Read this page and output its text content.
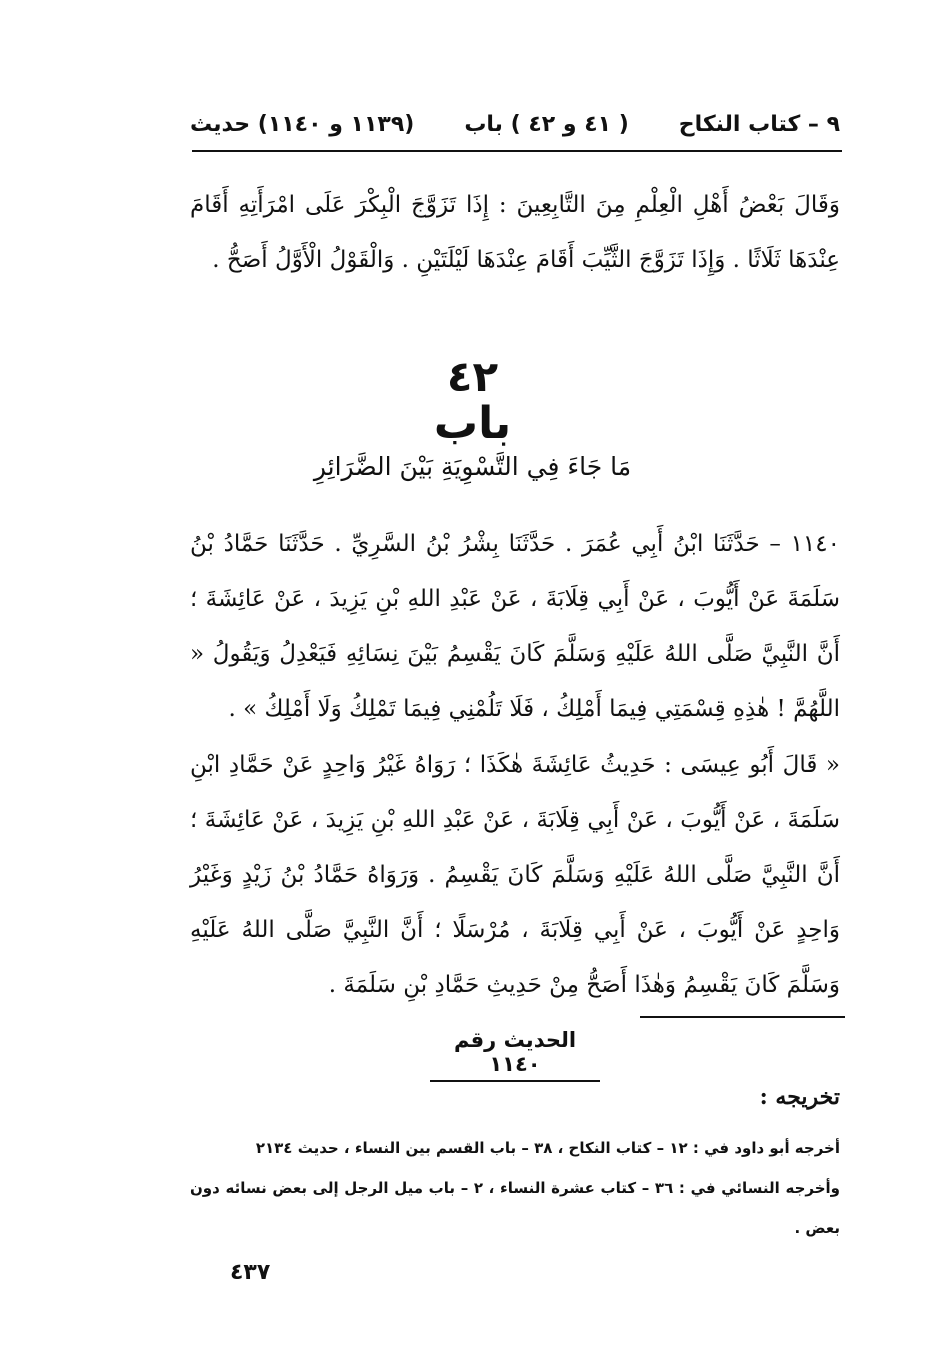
٩ – كتاب النكاح
( ٤١ و ٤٢ ) باب
(١١٣٩ و ١١٤٠) حديث
وَقَالَ بَعْضُ أَهْلِ الْعِلْمِ مِنَ التَّابِعِينَ : إِذَا تَزَوَّجَ الْبِكْرَ عَلَى امْرَأَتِهِ أَقَامَ عِنْدَهَا ثَلَاثًا . وَإِذَا تَزَوَّجَ الثَّيِّبَ أَقَامَ عِنْدَهَا لَيْلَتَيْنِ . وَالْقَوْلُ الْأَوَّلُ أَصَحُّ .
٤٢
باب
مَا جَاءَ فِي التَّسْوِيَةِ بَيْنَ الضَّرَائِرِ
١١٤٠ – حَدَّثَنَا ابْنُ أَبِي عُمَرَ . حَدَّثَنَا بِشْرُ بْنُ السَّرِيِّ . حَدَّثَنَا حَمَّادُ بْنُ سَلَمَةَ عَنْ أَيُّوبَ ، عَنْ أَبِي قِلَابَةَ ، عَنْ عَبْدِ اللهِ بْنِ يَزِيدَ ، عَنْ عَائِشَةَ ؛ أَنَّ النَّبِيَّ صَلَّى اللهُ عَلَيْهِ وَسَلَّمَ كَانَ يَقْسِمُ بَيْنَ نِسَائِهِ فَيَعْدِلُ وَيَقُولُ « اللَّهُمَّ ! هٰذِهِ قِسْمَتِي فِيمَا أَمْلِكُ ، فَلَا تَلُمْنِي فِيمَا تَمْلِكُ وَلَا أَمْلِكُ » .
« قَالَ أَبُو عِيسَى : حَدِيثُ عَائِشَةَ هٰكَذَا ؛ رَوَاهُ غَيْرُ وَاحِدٍ عَنْ حَمَّادِ ابْنِ سَلَمَةَ ، عَنْ أَيُّوبَ ، عَنْ أَبِي قِلَابَةَ ، عَنْ عَبْدِ اللهِ بْنِ يَزِيدَ ، عَنْ عَائِشَةَ ؛ أَنَّ النَّبِيَّ صَلَّى اللهُ عَلَيْهِ وَسَلَّمَ كَانَ يَقْسِمُ . وَرَوَاهُ حَمَّادُ بْنُ زَيْدٍ وَغَيْرُ وَاحِدٍ عَنْ أَيُّوبَ ، عَنْ أَبِي قِلَابَةَ ، مُرْسَلًا ؛ أَنَّ النَّبِيَّ صَلَّى اللهُ عَلَيْهِ وَسَلَّمَ كَانَ يَقْسِمُ وَهٰذَا أَصَحُّ مِنْ حَدِيثِ حَمَّادِ بْنِ سَلَمَةَ .
الحديث رقم ١١٤٠
تخريجه :

أخرجه أبو داود في : ١٢ – كتاب النكاح ، ٣٨ – باب القسم بين النساء ، حديث ٢١٣٤

وأخرجه النسائي في : ٣٦ – كتاب عشرة النساء ، ٢ – باب ميل الرجل إلى بعض نسائه دون بعض .

٤٣٧
